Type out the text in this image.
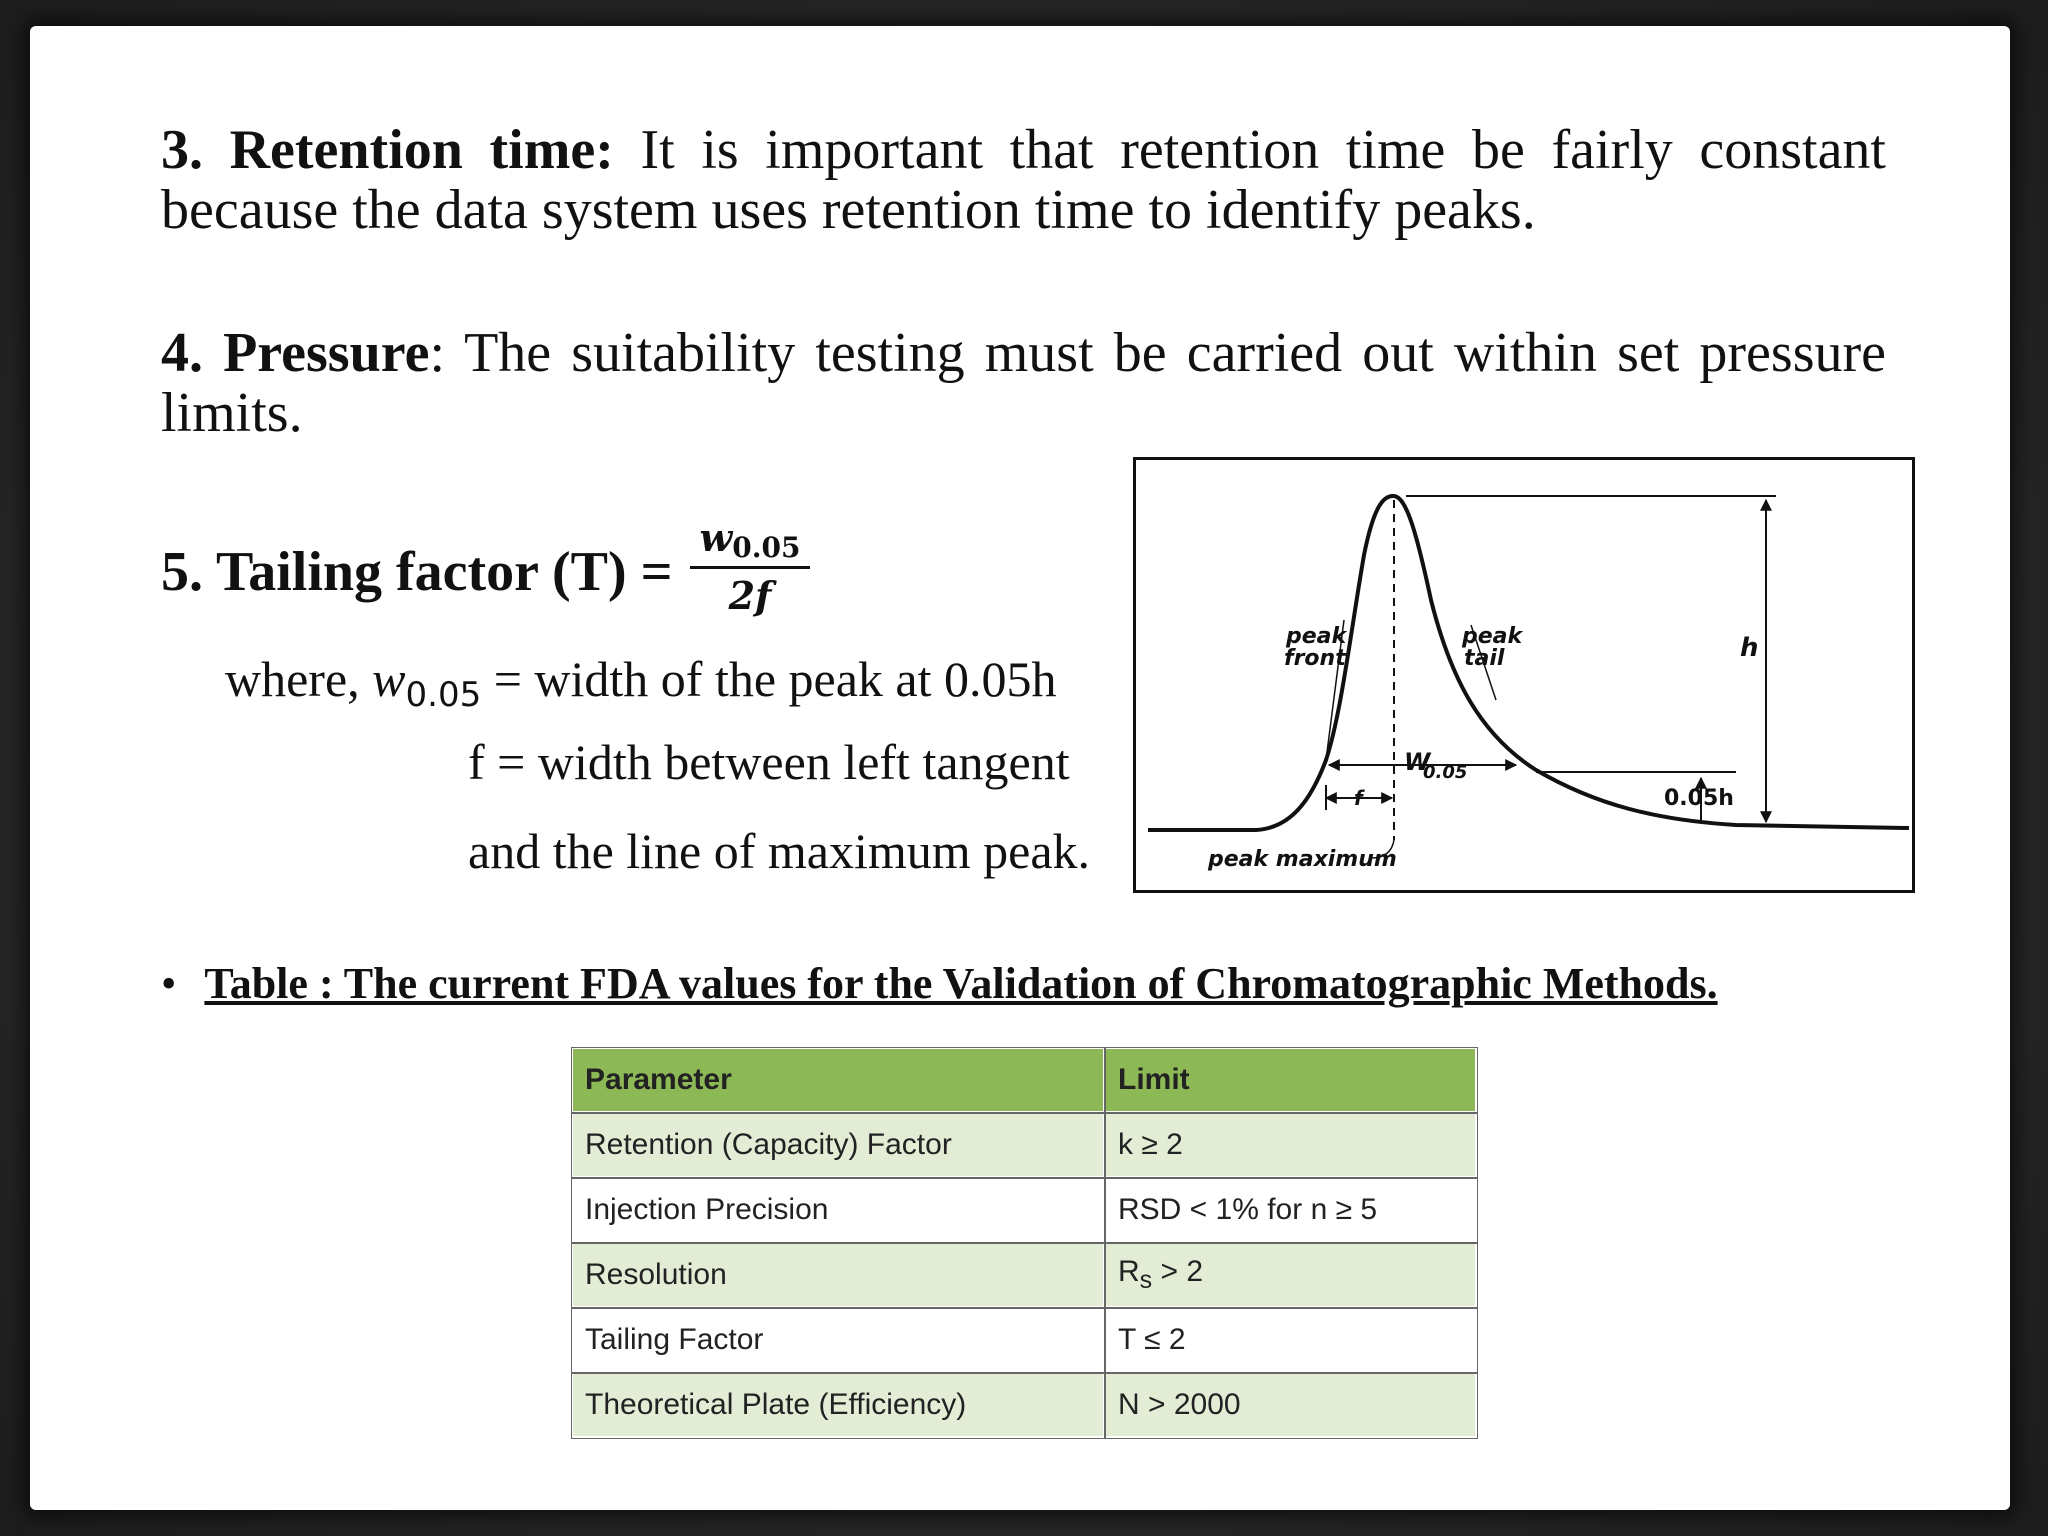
3. Retention time: It is important that retention time be fairly constant because the data system uses retention time to identify peaks.
4. Pressure: The suitability testing must be carried out within set pressure limits.
5. Tailing factor $(T) = \frac{w_{0.05}}{2f}$
where, $w_{0.05}$ = width of the peak at 0.05h
f = width between left tangent
and the line of maximum peak.
peak
front
peak
tail	h
W
0.05
f	0.05h
peak maximum
• Table : The current FDA values for the Validation of Chromatographic Methods.
Parameter	Limit
Retention (Capacity) Factor	k ≥ 2
Injection Precision	RSD < 1% for n ≥ 5
Resolution	$R_s > 2$
Tailing Factor	T ≤ 2
Theoretical Plate (Efficiency)	N > 2000
